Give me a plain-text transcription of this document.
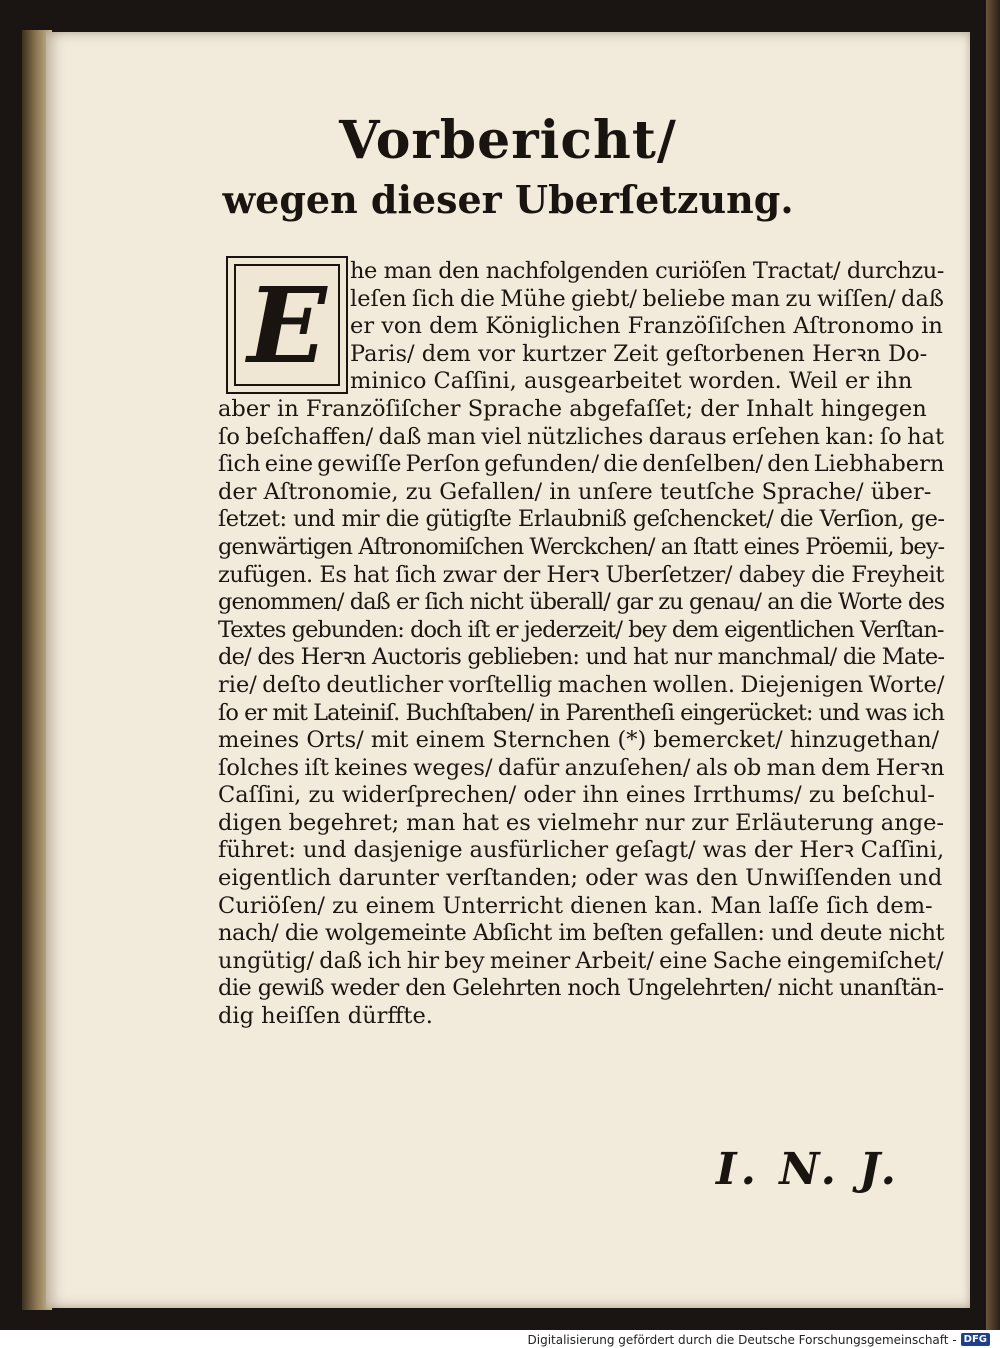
Vorbericht/
wegen dieser Uberſetzung.
E	he man den nachfolgenden curiöſen Tractat/ durchzu-
leſen ſich die Mühe giebt/ beliebe man zu wiſſen/ daß
er von dem Königlichen Franzöſiſchen Aſtronomo in
Paris/ dem vor kurtzer Zeit geſtorbenen Herꝛn Do-
minico Caſſini, ausgearbeitet worden. Weil er ihn
aber in Franzöſiſcher Sprache abgefaſſet; der Inhalt hingegen
ſo beſchaffen/ daß man viel nützliches daraus erſehen kan: ſo hat
ſich eine gewiſſe Perſon gefunden/ die denſelben/ den Liebhabern
der Aſtronomie, zu Gefallen/ in unſere teutſche Sprache/ über-
ſetzet: und mir die gütigſte Erlaubniß geſchencket/ die Verſion, ge-
genwärtigen Aſtronomiſchen Werckchen/ an ſtatt eines Pröemii, bey-
zufügen. Es hat ſich zwar der Herꝛ Uberſetzer/ dabey die Freyheit
genommen/ daß er ſich nicht überall/ gar zu genau/ an die Worte des
Textes gebunden: doch iſt er jederzeit/ bey dem eigentlichen Verſtan-
de/ des Herꝛn Auctoris geblieben: und hat nur manchmal/ die Mate-
rie/ deſto deutlicher vorſtellig machen wollen. Diejenigen Worte/
ſo er mit Lateiniſ. Buchſtaben/ in Parentheſi eingerücket: und was ich
meines Orts/ mit einem Sternchen (*) bemercket/ hinzugethan/
ſolches iſt keines weges/ dafür anzuſehen/ als ob man dem Herꝛn
Caſſini, zu widerſprechen/ oder ihn eines Irrthums/ zu beſchul-
digen begehret; man hat es vielmehr nur zur Erläuterung ange-
führet: und dasjenige ausfürlicher geſagt/ was der Herꝛ Caſſini,
eigentlich darunter verſtanden; oder was den Unwiſſenden und
Curiöſen/ zu einem Unterricht dienen kan. Man laſſe ſich dem-
nach/ die wolgemeinte Abſicht im beſten gefallen: und deute nicht
ungütig/ daß ich hir bey meiner Arbeit/ eine Sache eingemiſchet/
die gewiß weder den Gelehrten noch Ungelehrten/ nicht unanſtän-
dig heiſſen dürffte.
I. N. J.
Digitalisierung gefördert durch die Deutsche Forschungsgemeinschaft - DFG
